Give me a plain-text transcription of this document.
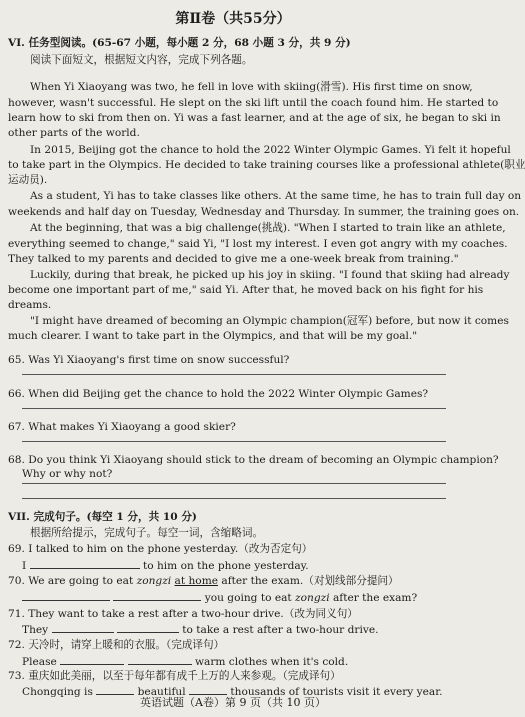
第Ⅱ卷（共55分）
VI. 任务型阅读。(65-67 小题，每小题 2 分，68 小题 3 分，共 9 分)
阅读下面短文，根据短文内容，完成下列各题。
When Yi Xiaoyang was two, he fell in love with skiing(滑雪). His first time on snow,
however, wasn't successful. He slept on the ski lift until the coach found him. He started to
learn how to ski from then on. Yi was a fast learner, and at the age of six, he began to ski in
other parts of the world.
In 2015, Beijing got the chance to hold the 2022 Winter Olympic Games. Yi felt it hopeful
to take part in the Olympics. He decided to take training courses like a professional athlete(职业
运动员).
As a student, Yi has to take classes like others. At the same time, he has to train full day on
weekends and half day on Tuesday, Wednesday and Thursday. In summer, the training goes on.
At the beginning, that was a big challenge(挑战). "When I started to train like an athlete,
everything seemed to change," said Yi, "I lost my interest. I even got angry with my coaches.
They talked to my parents and decided to give me a one-week break from training."
Luckily, during that break, he picked up his joy in skiing. "I found that skiing had already
become one important part of me," said Yi. After that, he moved back on his fight for his
dreams.
"I might have dreamed of becoming an Olympic champion(冠军) before, but now it comes
much clearer. I want to take part in the Olympics, and that will be my goal."
65. Was Yi Xiaoyang's first time on snow successful?
66. When did Beijing get the chance to hold the 2022 Winter Olympic Games?
67. What makes Yi Xiaoyang a good skier?
68. Do you think Yi Xiaoyang should stick to the dream of becoming an Olympic champion?
Why or why not?
VII. 完成句子。(每空 1 分，共 10 分)
根据所给提示，完成句子。每空一词，含缩略词。
69. I talked to him on the phone yesterday.（改为否定句）
I	to him on the phone yesterday.
70. We are going to eat zongzi at home after the exam.（对划线部分提问）
you going to eat zongzi after the exam?
71. They want to take a rest after a two-hour drive.（改为同义句）
They	to take a rest after a two-hour drive.
72. 天冷时，请穿上暖和的衣服。（完成译句）
Please	warm clothes when it's cold.
73. 重庆如此美丽，以至于每年都有成千上万的人来参观。（完成译句）
Chongqing is	beautiful	thousands of tourists visit it every year.
英语试题（A卷）第 9 页（共 10 页）
